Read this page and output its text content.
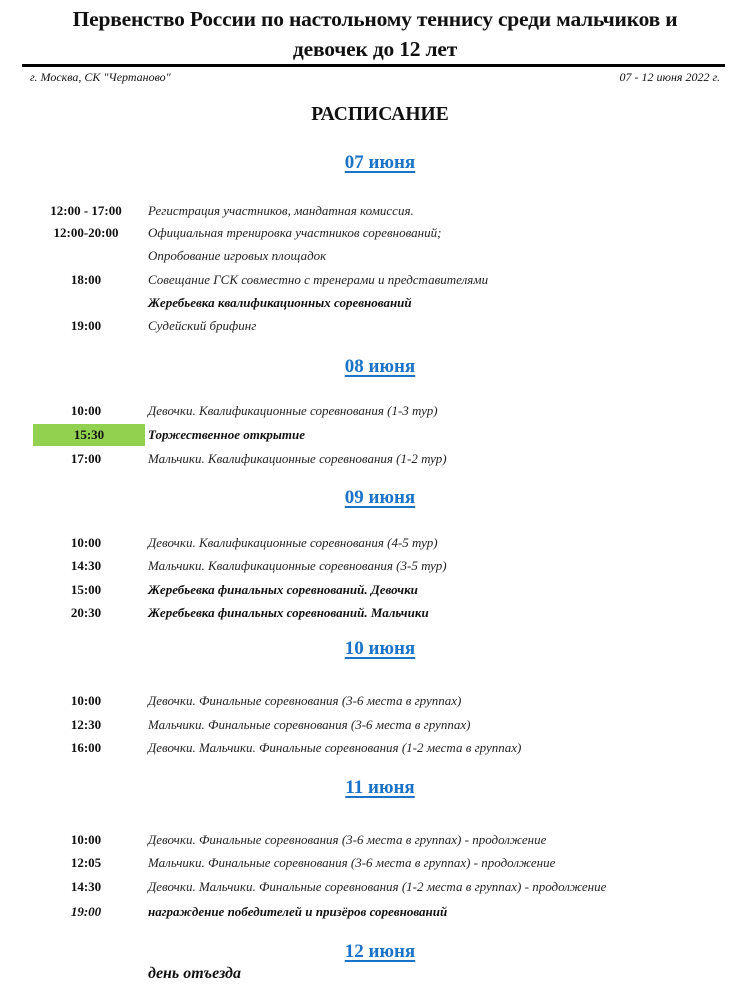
Первенство России по настольному теннису среди мальчиков и
девочек до 12 лет
г. Москва, СК "Чертаново"	07 - 12 июня 2022 г.
РАСПИСАНИЕ
07 июня
12:00 - 17:00	Регистрация участников, мандатная комиссия.
12:00-20:00	Официальная тренировка участников соревнований;
Опробование игровых площадок
18:00	Совещание ГСК совместно с тренерами и представителями
Жеребьевка квалификационных соревнований
19:00	Судейский брифинг
08 июня
10:00	Девочки. Квалификационные соревнования (1-3 тур)
15:30	Торжественное открытие
17:00	Мальчики. Квалификационные соревнования (1-2 тур)
09 июня
10:00	Девочки. Квалификационные соревнования (4-5 тур)
14:30	Мальчики. Квалификационные соревнования (3-5 тур)
15:00	Жеребьевка финальных соревнований. Девочки
20:30	Жеребьевка финальных соревнований. Мальчики
10 июня
10:00	Девочки. Финальные соревнования (3-6 места в группах)
12:30	Мальчики. Финальные соревнования (3-6 места в группах)
16:00	Девочки. Мальчики. Финальные соревнования (1-2 места в группах)
11 июня
10:00	Девочки. Финальные соревнования (3-6 места в группах) - продолжение
12:05	Мальчики. Финальные соревнования (3-6 места в группах) - продолжение
14:30	Девочки. Мальчики. Финальные соревнования (1-2 места в группах) - продолжение
19:00	награждение победителей и призёров соревнований
12 июня
день отъезда
